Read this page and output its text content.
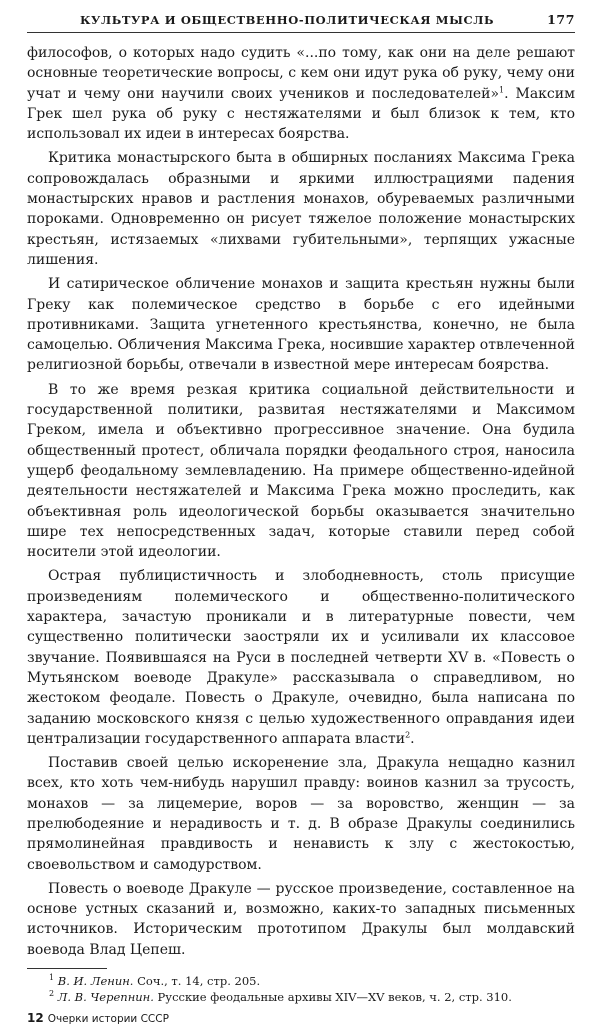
КУЛЬТУРА И ОБЩЕСТВЕННО-ПОЛИТИЧЕСКАЯ МЫСЛЬ	177

философов, о которых надо судить «...по тому, как они на деле решают основные теоретические вопросы, с кем они идут рука об руку, чему они учат и чему они научили своих учеников и последователей»$^1$. Максим Грек шел рука об руку с нестяжателями и был близок к тем, кто использовал их идеи в интересах боярства.

Критика монастырского быта в обширных посланиях Максима Грека сопровождалась образными и яркими иллюстрациями падения монастырских нравов и растления монахов, обуреваемых различными пороками. Одновременно он рисует тяжелое положение монастырских крестьян, истязаемых «лихвами губительными», терпящих ужасные лишения.

И сатирическое обличение монахов и защита крестьян нужны были Греку как полемическое средство в борьбе с его идейными противниками. Защита угнетенного крестьянства, конечно, не была самоцелью. Обличения Максима Грека, носившие характер отвлеченной религиозной борьбы, отвечали в известной мере интересам боярства.

В то же время резкая критика социальной действительности и государственной политики, развитая нестяжателями и Максимом Греком, имела и объективно прогрессивное значение. Она будила общественный протест, обличала порядки феодального строя, наносила ущерб феодальному землевладению. На примере общественно-идейной деятельности нестяжателей и Максима Грека можно проследить, как объективная роль идеологической борьбы оказывается значительно шире тех непосредственных задач, которые ставили перед собой носители этой идеологии.

Острая публицистичность и злободневность, столь присущие произведениям полемического и общественно-политического характера, зачастую проникали и в литературные повести, чем существенно политически заостряли их и усиливали их классовое звучание. Появившаяся на Руси в последней четверти XV в. «Повесть о Мутьянском воеводе Дракуле» рассказывала о справедливом, но жестоком феодале. Повесть о Дракуле, очевидно, была написана по заданию московского князя с целью художественного оправдания идеи централизации государственного аппарата власти$^2$.

Поставив своей целью искоренение зла, Дракула нещадно казнил всех, кто хоть чем-нибудь нарушил правду: воинов казнил за трусость, монахов — за лицемерие, воров — за воровство, женщин — за прелюбодеяние и нерадивость и т. д. В образе Дракулы соединились прямолинейная правдивость и ненависть к злу с жестокостью, своевольством и самодурством.

Повесть о воеводе Дракуле — русское произведение, составленное на основе устных сказаний и, возможно, каких-то западных письменных источников. Историческим прототипом Дракулы был молдавский воевода Влад Цепеш.

$^1$ В. И. Ленин. Соч., т. 14, стр. 205.

$^2$ Л. В. Черепнин. Русские феодальные архивы XIV—XV веков, ч. 2, стр. 310.

12 Очерки истории СССР
